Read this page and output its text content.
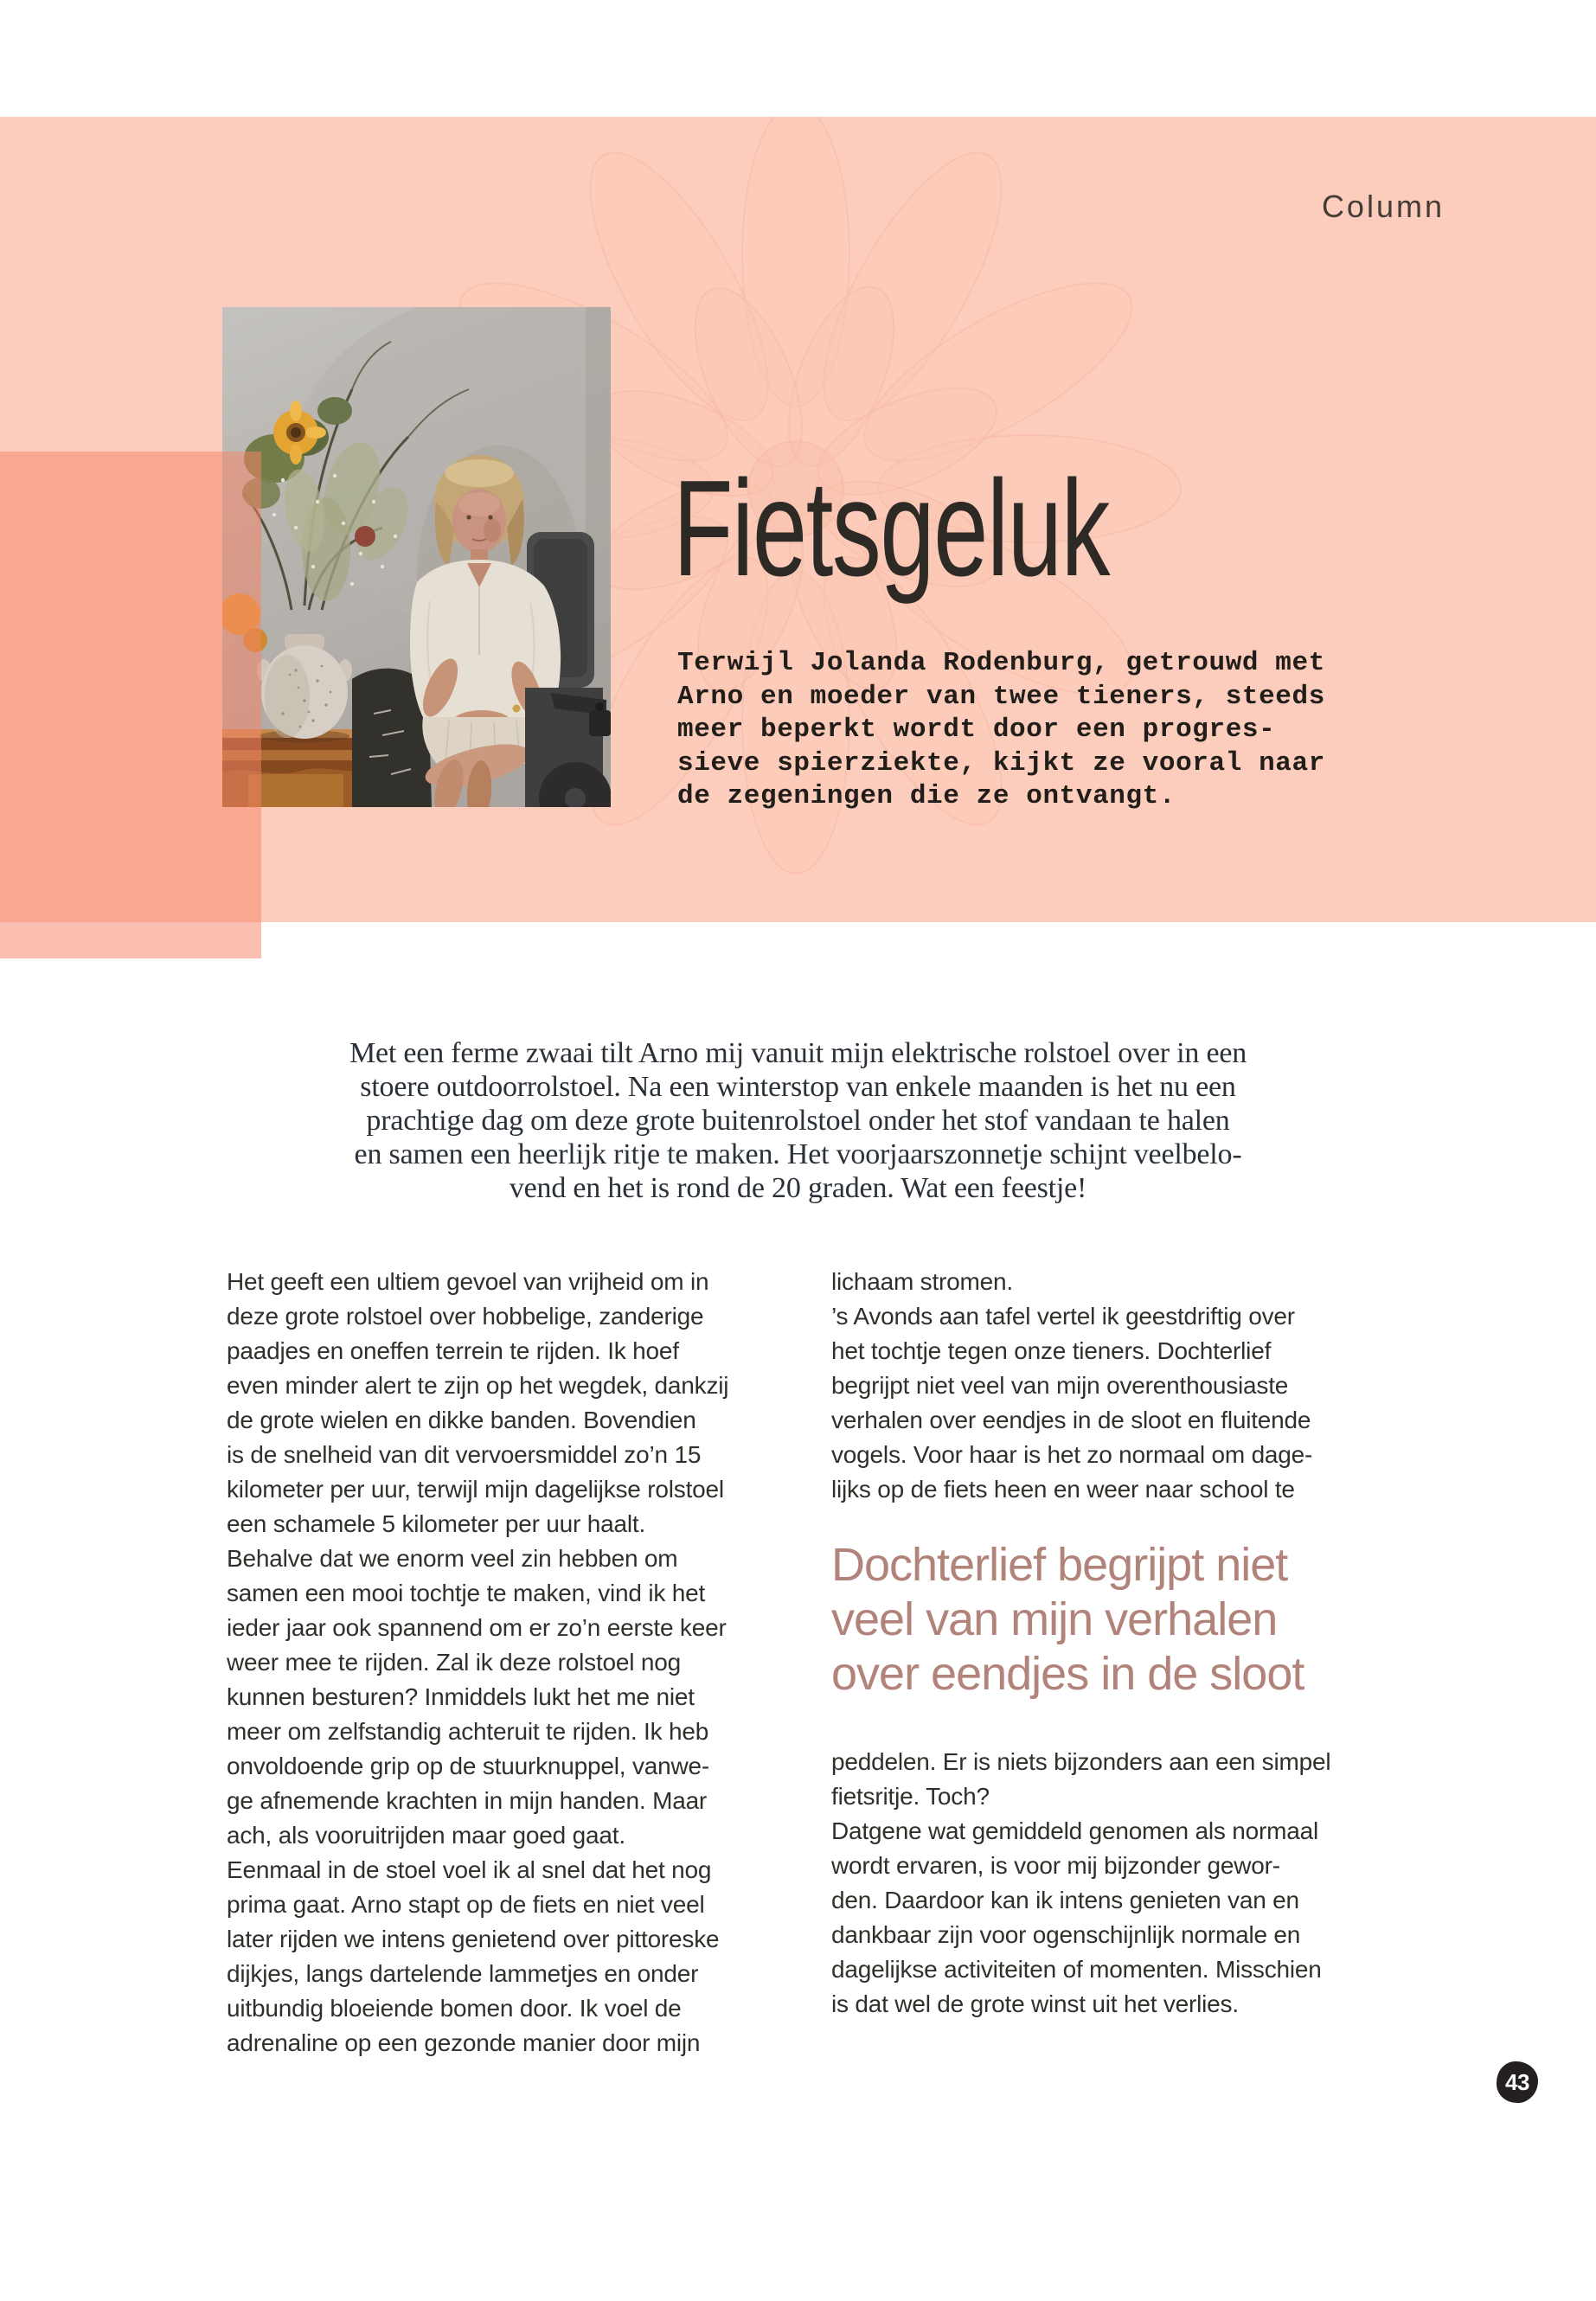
Column
Fietsgeluk
Terwijl Jolanda Rodenburg, getrouwd met
Arno en moeder van twee tieners, steeds
meer beperkt wordt door een progres-
sieve spierziekte, kijkt ze vooral naar
de zegeningen die ze ontvangt.
Met een ferme zwaai tilt Arno mij vanuit mijn elektrische rolstoel over in een
stoere outdoorrolstoel. Na een winterstop van enkele maanden is het nu een
prachtige dag om deze grote buitenrolstoel onder het stof vandaan te halen
en samen een heerlijk ritje te maken. Het voorjaarszonnetje schijnt veelbelo-
vend en het is rond de 20 graden. Wat een feestje!
Het geeft een ultiem gevoel van vrijheid om in
deze grote rolstoel over hobbelige, zanderige
paadjes en oneffen terrein te rijden. Ik hoef
even minder alert te zijn op het wegdek, dankzij
de grote wielen en dikke banden. Bovendien
is de snelheid van dit vervoersmiddel zo’n 15
kilometer per uur, terwijl mijn dagelijkse rolstoel
een schamele 5 kilometer per uur haalt.
Behalve dat we enorm veel zin hebben om
samen een mooi tochtje te maken, vind ik het
ieder jaar ook spannend om er zo’n eerste keer
weer mee te rijden. Zal ik deze rolstoel nog
kunnen besturen? Inmiddels lukt het me niet
meer om zelfstandig achteruit te rijden. Ik heb
onvoldoende grip op de stuurknuppel, vanwe-
ge afnemende krachten in mijn handen. Maar
ach, als vooruitrijden maar goed gaat.
Eenmaal in de stoel voel ik al snel dat het nog
prima gaat. Arno stapt op de fiets en niet veel
later rijden we intens genietend over pittoreske
dijkjes, langs dartelende lammetjes en onder
uitbundig bloeiende bomen door. Ik voel de
adrenaline op een gezonde manier door mijn
lichaam stromen.
’s Avonds aan tafel vertel ik geestdriftig over
het tochtje tegen onze tieners. Dochterlief
begrijpt niet veel van mijn overenthousiaste
verhalen over eendjes in de sloot en fluitende
vogels. Voor haar is het zo normaal om dage-
lijks op de fiets heen en weer naar school te
Dochterlief begrijpt niet
veel van mijn verhalen
over eendjes in de sloot
peddelen. Er is niets bijzonders aan een simpel
fietsritje. Toch?
Datgene wat gemiddeld genomen als normaal
wordt ervaren, is voor mij bijzonder gewor-
den. Daardoor kan ik intens genieten van en
dankbaar zijn voor ogenschijnlijk normale en
dagelijkse activiteiten of momenten. Misschien
is dat wel de grote winst uit het verlies.
43
